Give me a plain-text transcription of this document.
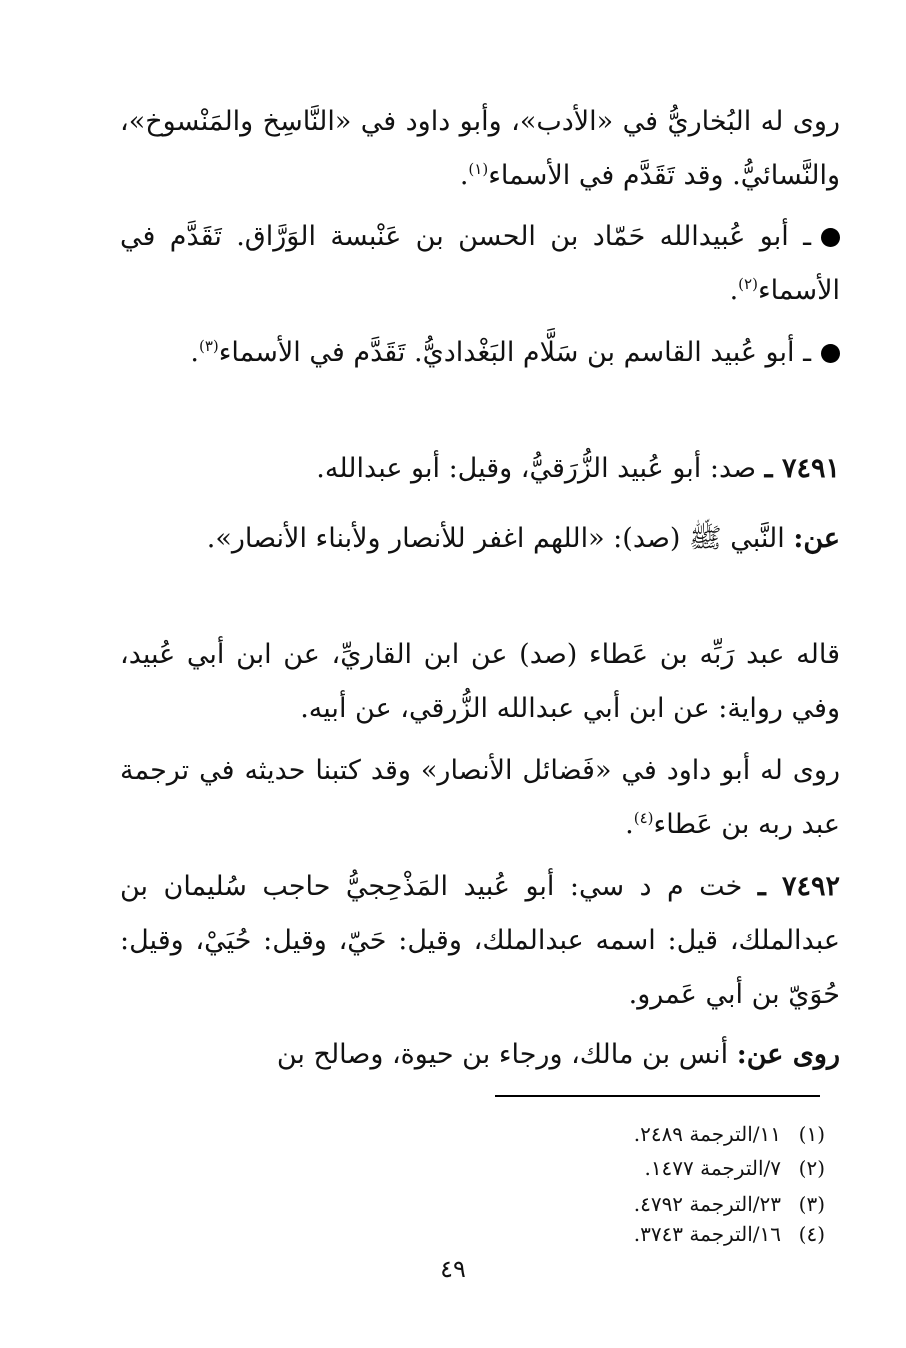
روى له البُخاريُّ في «الأدب»، وأبو داود في «النَّاسِخ والمَنْسوخ»، والنَّسائيُّ. وقد تَقَدَّم في الأسماء$^{(١)}$.

ـ أبو عُبيدالله حَمّاد بن الحسن بن عَنْبسة الوَرَّاق. تَقَدَّم في الأسماء$^{(٢)}$.

ـ أبو عُبيد القاسم بن سَلَّام البَغْداديُّ. تَقَدَّم في الأسماء$^{(٣)}$.

٧٤٩١ ـ صد: أبو عُبيد الزُّرَقيُّ، وقيل: أبو عبدالله.

عن: النَّبي ﷺ (صد): «اللهم اغفر للأنصار ولأبناء الأنصار».

قاله عبد رَبِّه بن عَطاء (صد) عن ابن القاريِّ، عن ابن أبي عُبيد، وفي رواية: عن ابن أبي عبدالله الزُّرقي، عن أبيه.

روى له أبو داود في «فَضائل الأنصار» وقد كتبنا حديثه في ترجمة عبد ربه بن عَطاء$^{(٤)}$.

٧٤٩٢ ـ خت م د سي: أبو عُبيد المَذْحِجيُّ حاجب سُليمان بن عبدالملك، قيل: اسمه عبدالملك، وقيل: حَيّ، وقيل: حُيَيْ، وقيل: حُوَيّ بن أبي عَمرو.

روى عن: أنس بن مالك، ورجاء بن حيوة، وصالح بن

(١)١١/الترجمة ٢٤٨٩.
(٢)٧/الترجمة ١٤٧٧.
(٣)٢٣/الترجمة ٤٧٩٢.
(٤)١٦/الترجمة ٣٧٤٣.
٤٩
